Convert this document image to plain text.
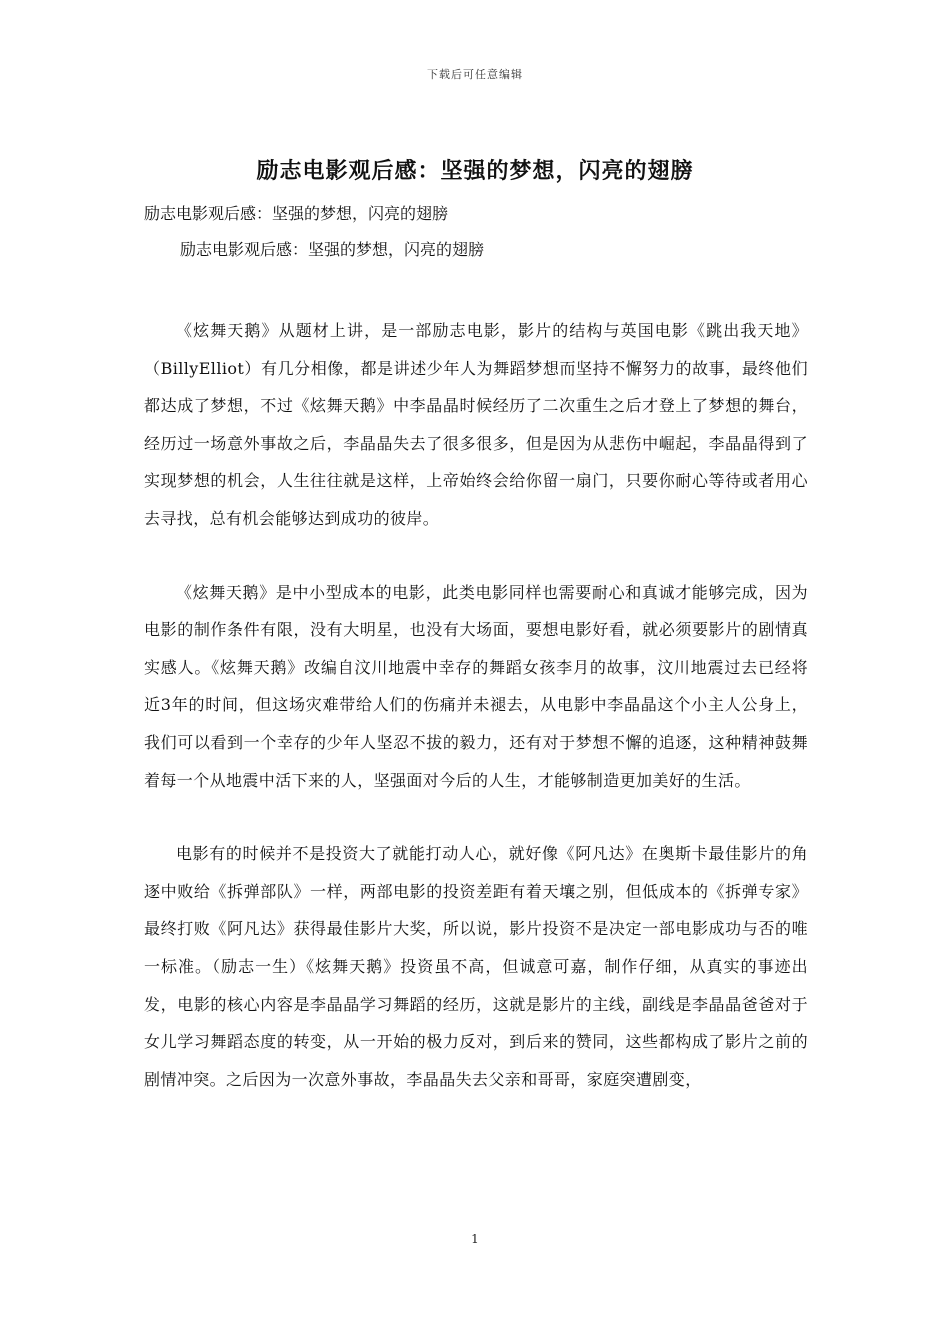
下载后可任意编辑
励志电影观后感：坚强的梦想，闪亮的翅膀
励志电影观后感：坚强的梦想，闪亮的翅膀
励志电影观后感：坚强的梦想，闪亮的翅膀

《炫舞天鹅》从题材上讲，是一部励志电影，影片的结构与英国电影《跳出我天地》（BillyElliot）有几分相像，都是讲述少年人为舞蹈梦想而坚持不懈努力的故事，最终他们都达成了梦想，不过《炫舞天鹅》中李晶晶时候经历了二次重生之后才登上了梦想的舞台，经历过一场意外事故之后，李晶晶失去了很多很多，但是因为从悲伤中崛起，李晶晶得到了实现梦想的机会，人生往往就是这样，上帝始终会给你留一扇门，只要你耐心等待或者用心去寻找，总有机会能够达到成功的彼岸。

《炫舞天鹅》是中小型成本的电影，此类电影同样也需要耐心和真诚才能够完成，因为电影的制作条件有限，没有大明星，也没有大场面，要想电影好看，就必须要影片的剧情真实感人。《炫舞天鹅》改编自汶川地震中幸存的舞蹈女孩李月的故事，汶川地震过去已经将近3年的时间，但这场灾难带给人们的伤痛并未褪去，从电影中李晶晶这个小主人公身上，我们可以看到一个幸存的少年人坚忍不拔的毅力，还有对于梦想不懈的追逐，这种精神鼓舞着每一个从地震中活下来的人，坚强面对今后的人生，才能够制造更加美好的生活。

电影有的时候并不是投资大了就能打动人心，就好像《阿凡达》在奥斯卡最佳影片的角逐中败给《拆弹部队》一样，两部电影的投资差距有着天壤之别，但低成本的《拆弹专家》最终打败《阿凡达》获得最佳影片大奖，所以说，影片投资不是决定一部电影成功与否的唯一标准。（励志一生）《炫舞天鹅》投资虽不高，但诚意可嘉，制作仔细，从真实的事迹出发，电影的核心内容是李晶晶学习舞蹈的经历，这就是影片的主线，副线是李晶晶爸爸对于女儿学习舞蹈态度的转变，从一开始的极力反对，到后来的赞同，这些都构成了影片之前的剧情冲突。之后因为一次意外事故，李晶晶失去父亲和哥哥，家庭突遭剧变，

1
